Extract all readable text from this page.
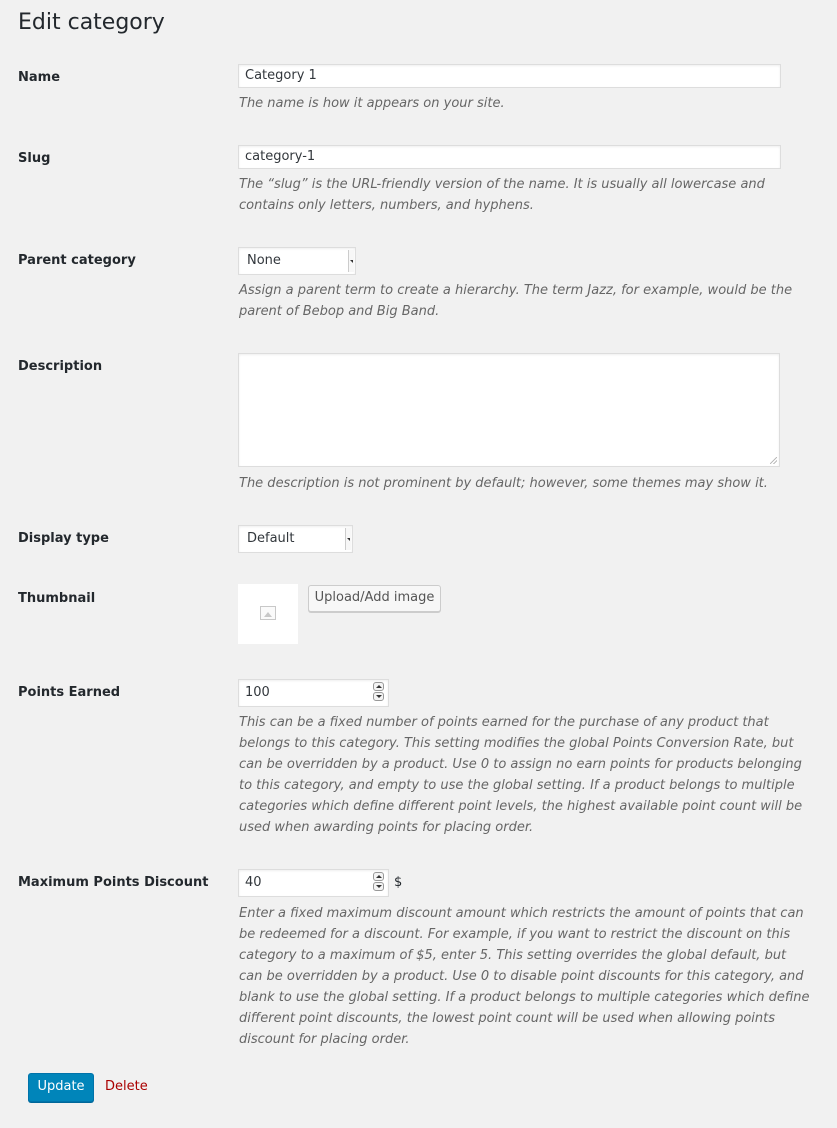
Edit category
Name	Category 1
The name is how it appears on your site.
Slug	category-1
The “slug” is the URL-friendly version of the name. It is usually all lowercase and contains only letters, numbers, and hyphens.
Parent category	None
Assign a parent term to create a hierarchy. The term Jazz, for example, would be the parent of Bebop and Big Band.
Description
The description is not prominent by default; however, some themes may show it.
Display type	Default
Thumbnail	Upload/Add image
Points Earned	100
This can be a fixed number of points earned for the purchase of any product that belongs to this category. This setting modifies the global Points Conversion Rate, but can be overridden by a product. Use 0 to assign no earn points for products belonging to this category, and empty to use the global setting. If a product belongs to multiple categories which define different point levels, the highest available point count will be used when awarding points for placing order.
Maximum Points Discount	40	$
Enter a fixed maximum discount amount which restricts the amount of points that can be redeemed for a discount. For example, if you want to restrict the discount on this category to a maximum of $5, enter 5. This setting overrides the global default, but can be overridden by a product. Use 0 to disable point discounts for this category, and blank to use the global setting. If a product belongs to multiple categories which define different point discounts, the lowest point count will be used when allowing points discount for placing order.
Update	Delete
